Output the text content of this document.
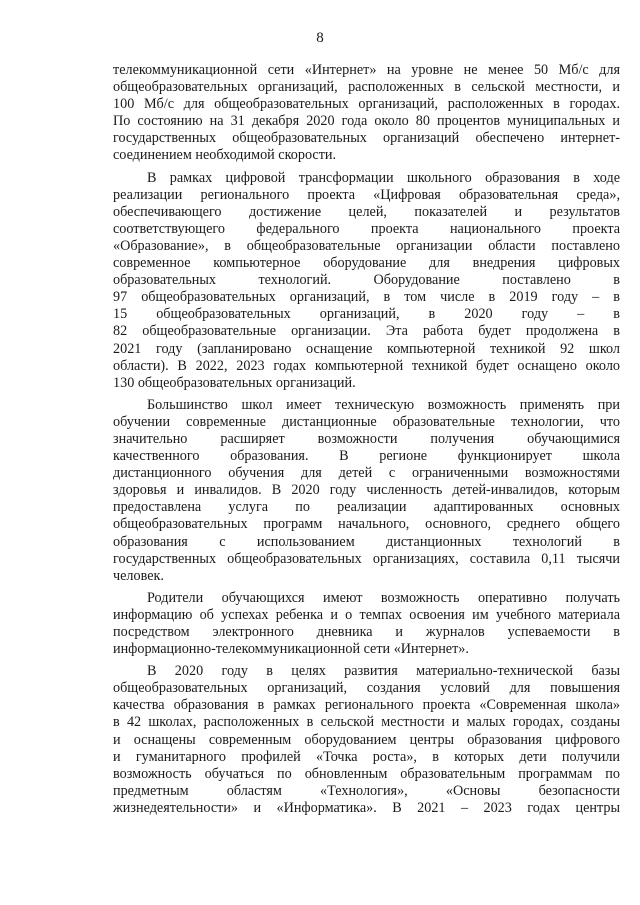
8

телекоммуникационной сети «Интернет» на уровне не менее 50 Мб/с для
общеобразовательных организаций, расположенных в сельской местности, и
100 Мб/с для общеобразовательных организаций, расположенных в городах.
По состоянию на 31 декабря 2020 года около 80 процентов муниципальных и
государственных общеобразовательных организаций обеспечено интернет-
соединением необходимой скорости.

В рамках цифровой трансформации школьного образования в ходе
реализации регионального проекта «Цифровая образовательная среда»,
обеспечивающего достижение целей, показателей и результатов
соответствующего федерального проекта национального проекта
«Образование», в общеобразовательные организации области поставлено
современное компьютерное оборудование для внедрения цифровых
образовательных технологий. Оборудование поставлено в
97 общеобразовательных организаций, в том числе в 2019 году – в
15 общеобразовательных организаций, в 2020 году – в
82 общеобразовательные организации. Эта работа будет продолжена в
2021 году (запланировано оснащение компьютерной техникой 92 школ
области). В 2022, 2023 годах компьютерной техникой будет оснащено около
130 общеобразовательных организаций.

Большинство школ имеет техническую возможность применять при
обучении современные дистанционные образовательные технологии, что
значительно расширяет возможности получения обучающимися
качественного образования. В регионе функционирует школа
дистанционного обучения для детей с ограниченными возможностями
здоровья и инвалидов. В 2020 году численность детей-инвалидов, которым
предоставлена услуга по реализации адаптированных основных
общеобразовательных программ начального, основного, среднего общего
образования с использованием дистанционных технологий в
государственных общеобразовательных организациях, составила 0,11 тысячи
человек.

Родители обучающихся имеют возможность оперативно получать
информацию об успехах ребенка и о темпах освоения им учебного материала
посредством электронного дневника и журналов успеваемости в
информационно-телекоммуникационной сети «Интернет».

В 2020 году в целях развития материально-технической базы
общеобразовательных организаций, создания условий для повышения
качества образования в рамках регионального проекта «Современная школа»
в 42 школах, расположенных в сельской местности и малых городах, созданы
и оснащены современным оборудованием центры образования цифрового
и гуманитарного профилей «Точка роста», в которых дети получили
возможность обучаться по обновленным образовательным программам по
предметным областям «Технология», «Основы безопасности
жизнедеятельности» и «Информатика». В 2021 – 2023 годах центры
